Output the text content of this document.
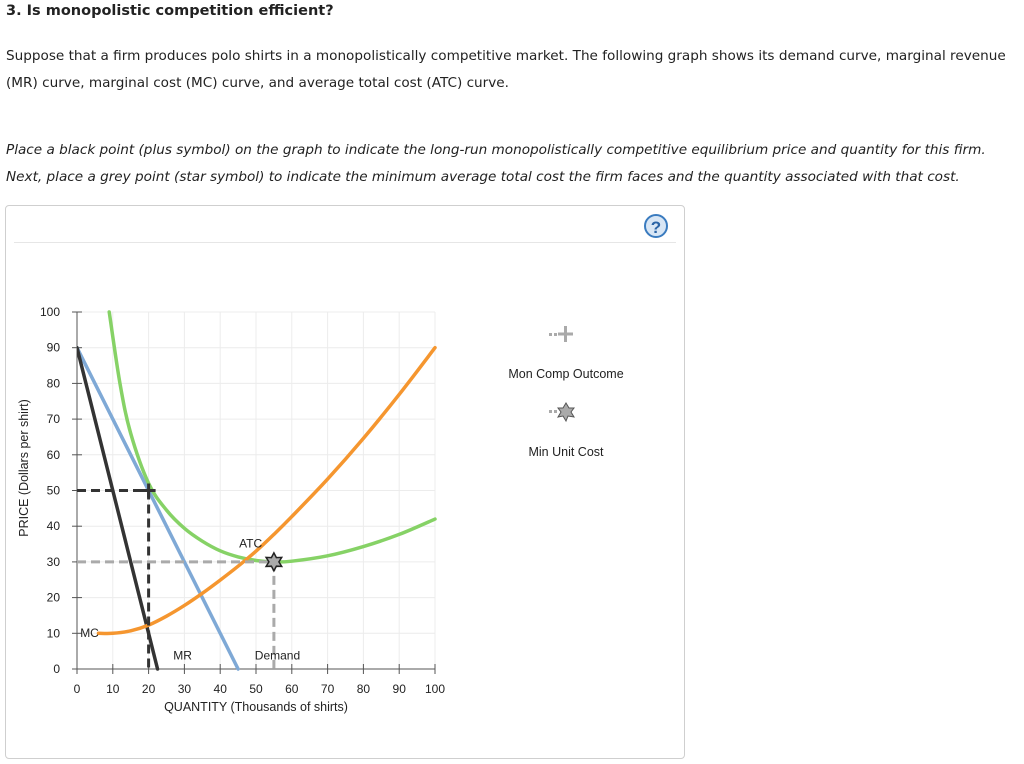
3. Is monopolistic competition efficient?

Suppose that a firm produces polo shirts in a monopolistically competitive market. The following graph shows its demand curve, marginal revenue (MR) curve, marginal cost (MC) curve, and average total cost (ATC) curve.

Place a black point (plus symbol) on the graph to indicate the long-run monopolistically competitive equilibrium price and quantity for this firm. Next, place a grey point (star symbol) to indicate the minimum average total cost the firm faces and the quantity associated with that cost.

?
0
10
20
30
40
50
60
70
80
90
100
0 10 20 30 40 50 60 70 80 90 100
Demand
MR
ATC
MC
PRICE (Dollars per shirt)
QUANTITY (Thousands of shirts)
Mon Comp Outcome
Min Unit Cost
